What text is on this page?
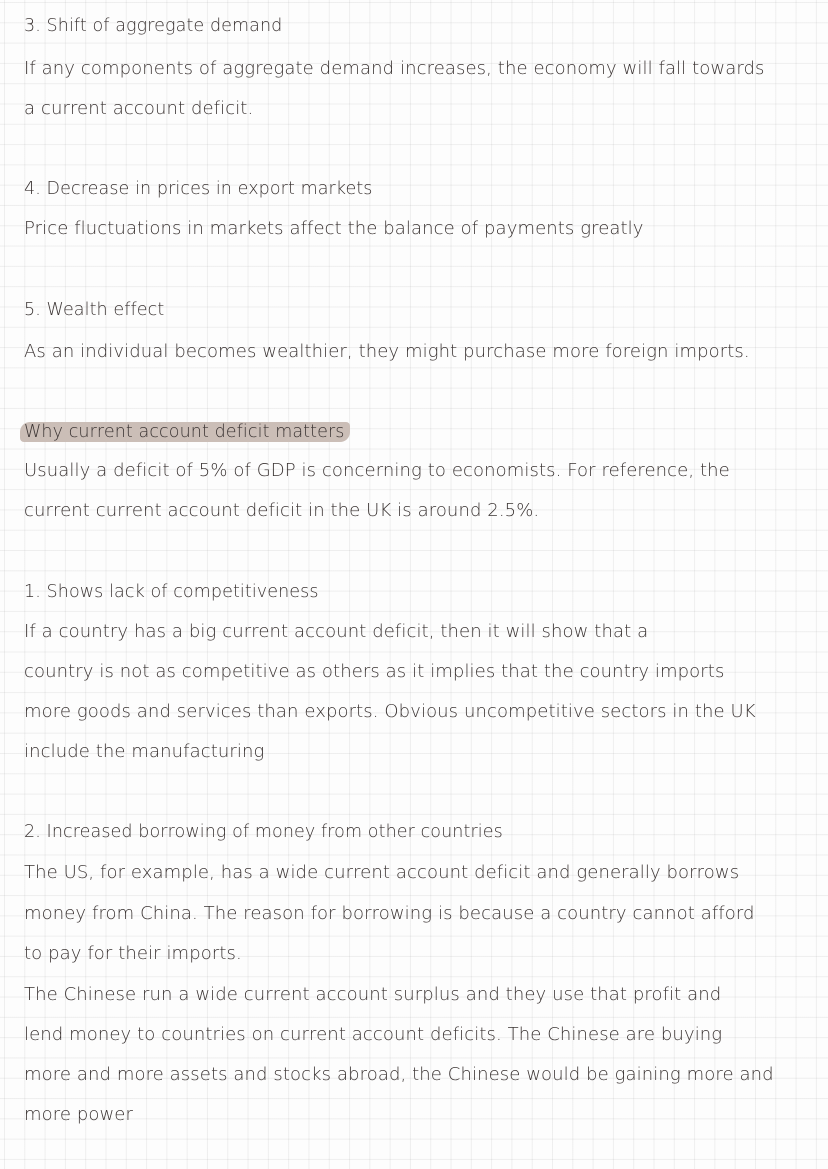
3. Shift of aggregate demand
If any components of aggregate demand increases, the economy will fall towards
a current account deficit.
4. Decrease in prices in export markets
Price fluctuations in markets affect the balance of payments greatly
5. Wealth effect
As an individual becomes wealthier, they might purchase more foreign imports.
Why current account deficit matters
Usually a deficit of 5% of GDP is concerning to economists. For reference, the
current current account deficit in the UK is around 2.5%.
1. Shows lack of competitiveness
If a country has a big current account deficit, then it will show that a
country is not as competitive as others as it implies that the country imports
more goods and services than exports. Obvious uncompetitive sectors in the UK
include the manufacturing
2. Increased borrowing of money from other countries
The US, for example, has a wide current account deficit and generally borrows
money from China. The reason for borrowing is because a country cannot afford
to pay for their imports.
The Chinese run a wide current account surplus and they use that profit and
lend money to countries on current account deficits. The Chinese are buying
more and more assets and stocks abroad, the Chinese would be gaining more and
more power
